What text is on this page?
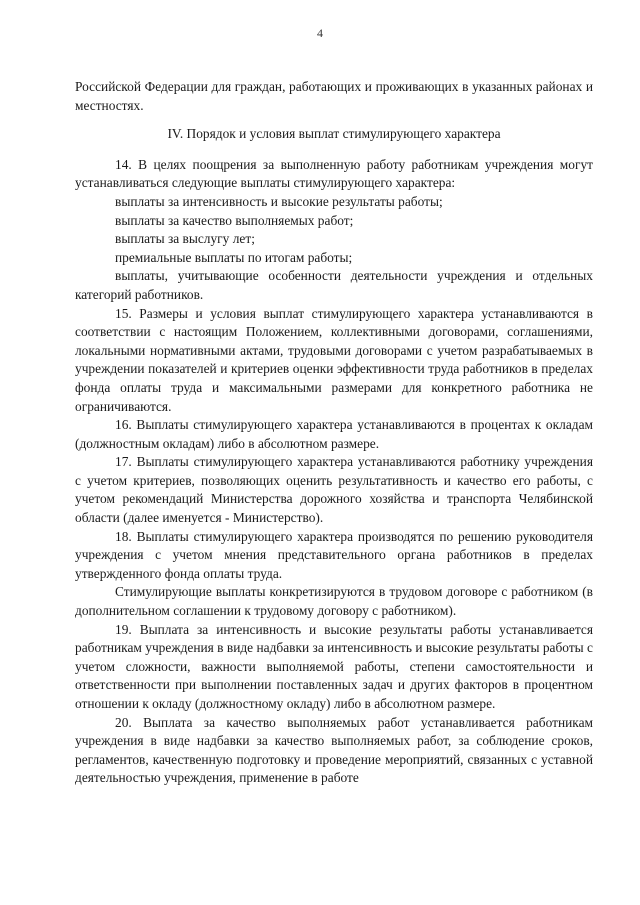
4

Российской Федерации для граждан, работающих и проживающих в указанных районах и местностях.

IV. Порядок и условия выплат стимулирующего характера

14. В целях поощрения за выполненную работу работникам учреждения могут устанавливаться следующие выплаты стимулирующего характера:

выплаты за интенсивность и высокие результаты работы;

выплаты за качество выполняемых работ;

выплаты за выслугу лет;

премиальные выплаты по итогам работы;

выплаты, учитывающие особенности деятельности учреждения и отдельных категорий работников.

15. Размеры и условия выплат стимулирующего характера устанавливаются в соответствии с настоящим Положением, коллективными договорами, соглашениями, локальными нормативными актами, трудовыми договорами с учетом разрабатываемых в учреждении показателей и критериев оценки эффективности труда работников в пределах фонда оплаты труда и максимальными размерами для конкретного работника не ограничиваются.

16. Выплаты стимулирующего характера устанавливаются в процентах к окладам (должностным окладам) либо в абсолютном размере.

17. Выплаты стимулирующего характера устанавливаются работнику учреждения с учетом критериев, позволяющих оценить результативность и качество его работы, с учетом рекомендаций Министерства дорожного хозяйства и транспорта Челябинской области (далее именуется - Министерство).

18. Выплаты стимулирующего характера производятся по решению руководителя учреждения с учетом мнения представительного органа работников в пределах утвержденного фонда оплаты труда.

Стимулирующие выплаты конкретизируются в трудовом договоре с работником (в дополнительном соглашении к трудовому договору с работником).

19. Выплата за интенсивность и высокие результаты работы устанавливается работникам учреждения в виде надбавки за интенсивность и высокие результаты работы с учетом сложности, важности выполняемой работы, степени самостоятельности и ответственности при выполнении поставленных задач и других факторов в процентном отношении к окладу (должностному окладу) либо в абсолютном размере.

20. Выплата за качество выполняемых работ устанавливается работникам учреждения в виде надбавки за качество выполняемых работ, за соблюдение сроков, регламентов, качественную подготовку и проведение мероприятий, связанных с уставной деятельностью учреждения, применение в работе
